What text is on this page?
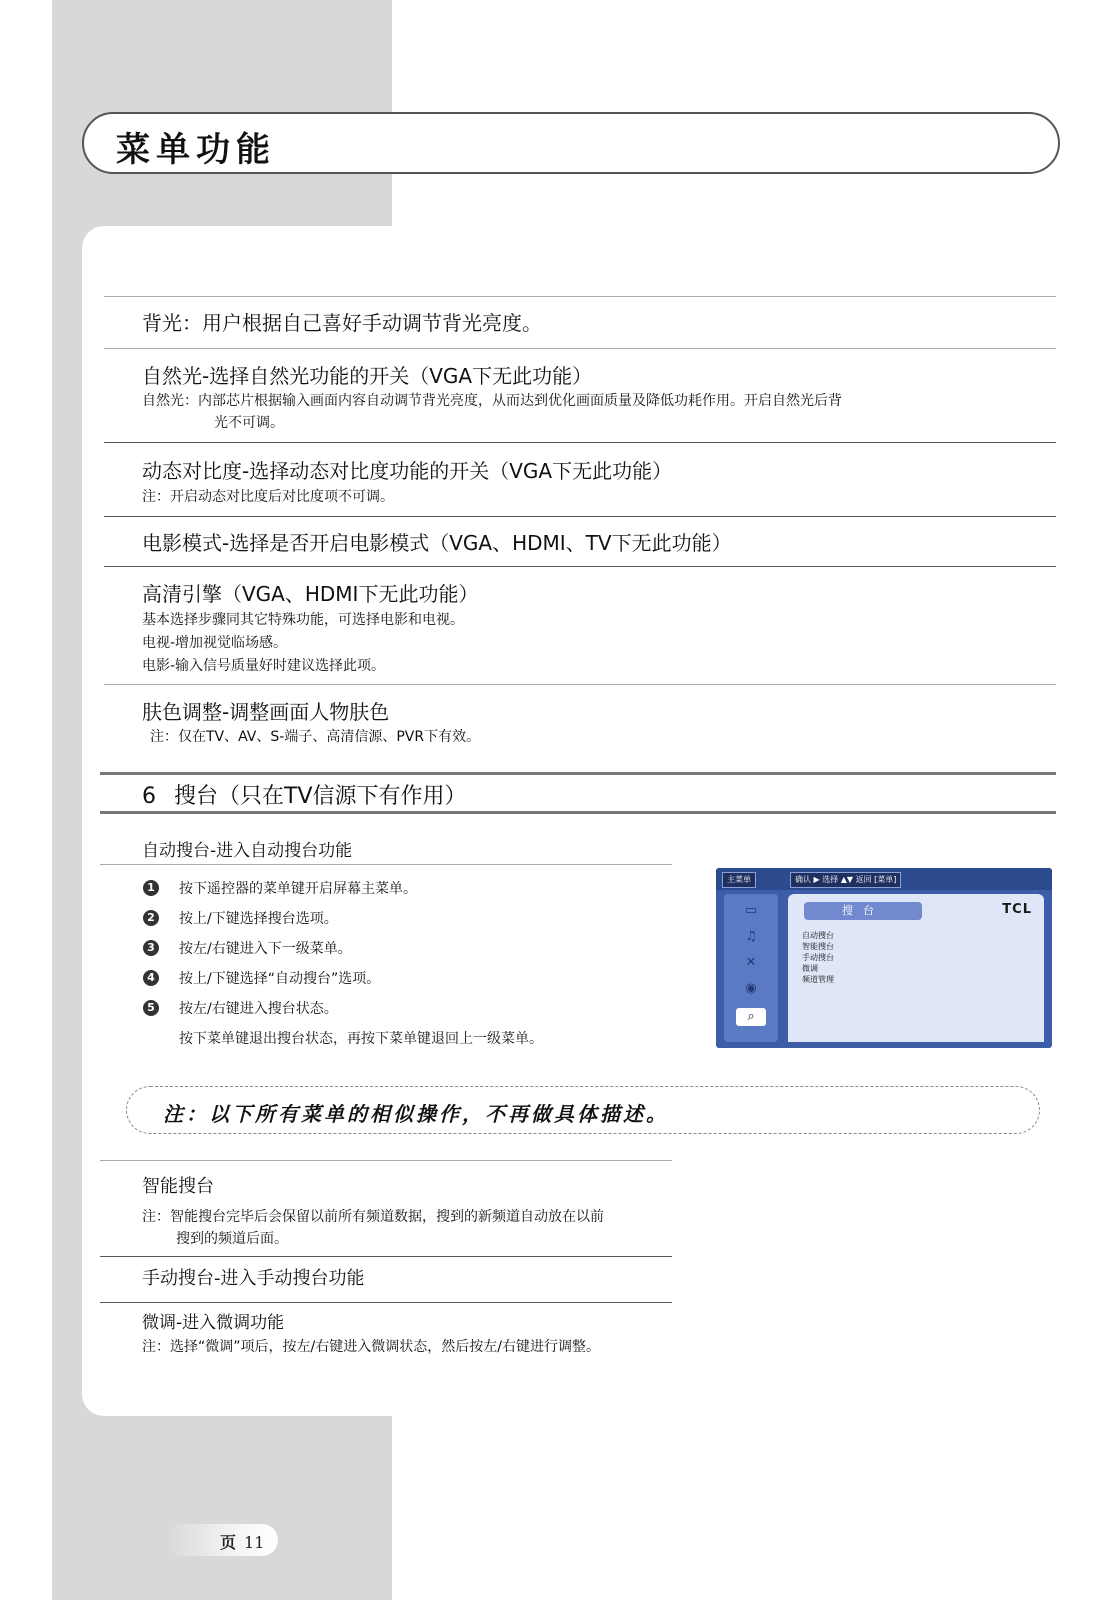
菜单功能
背光：用户根据自己喜好手动调节背光亮度。
自然光-选择自然光功能的开关（VGA下无此功能）
自然光：内部芯片根据输入画面内容自动调节背光亮度，从而达到优化画面质量及降低功耗作用。开启自然光后背
光不可调。
动态对比度-选择动态对比度功能的开关（VGA下无此功能）
注：开启动态对比度后对比度项不可调。
电影模式-选择是否开启电影模式（VGA、HDMI、TV下无此功能）
高清引擎（VGA、HDMI下无此功能）
基本选择步骤同其它特殊功能，可选择电影和电视。
电视-增加视觉临场感。
电影-输入信号质量好时建议选择此项。
肤色调整-调整画面人物肤色
注：仅在TV、AV、S-端子、高清信源、PVR下有效。
6 搜台（只在TV信源下有作用）
自动搜台-进入自动搜台功能
1 按下遥控器的菜单键开启屏幕主菜单。
2 按上/下键选择搜台选项。
3 按左/右键进入下一级菜单。
4 按上/下键选择“自动搜台”选项。
5 按左/右键进入搜台状态。
按下菜单键退出搜台状态，再按下菜单键退回上一级菜单。
主菜单	确认 ▶ 选择 ▲▼ 返回 [菜单]
▭
♫
✕
◉
⌕
TCL
搜台
自动搜台
智能搜台
手动搜台
微调
频道管理
注：以下所有菜单的相似操作，不再做具体描述。
智能搜台
注：智能搜台完毕后会保留以前所有频道数据，搜到的新频道自动放在以前
搜到的频道后面。
手动搜台-进入手动搜台功能
微调-进入微调功能
注：选择“微调”项后，按左/右键进入微调状态，然后按左/右键进行调整。
页 11
